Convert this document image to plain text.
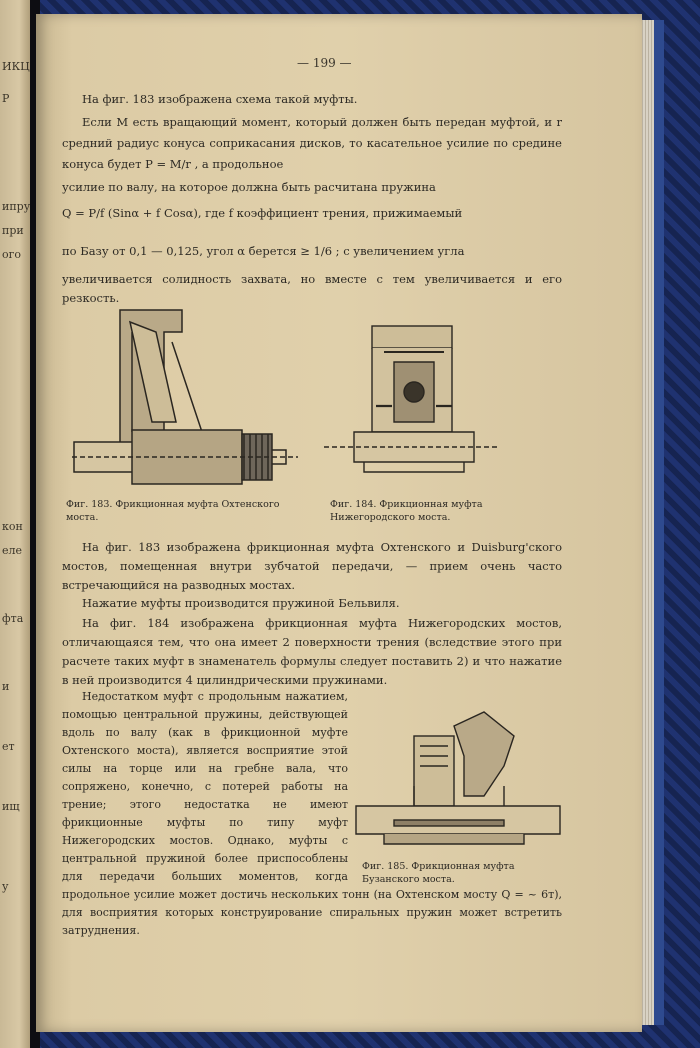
ИКЦ
Р
ипру
при
ого
кон
еле
фта
и
ет
ищ
у
— 199 —
На фиг. 183 изображена схема такой муфты.
Если М есть вращающий момент, который должен быть передан муфтой, и r средний радиус конуса соприкасания дисков, то касательное усилие по средине конуса будет P = M/r , а продольное
усилие по валу, на которое должна быть расчитана пружина
Q = P/f (Sinα + f Cosα), где f коэффициент трения, прижимаемый
по Базу от 0,1 — 0,125, угол α берется ≥ 1/6 ; с увеличением угла
увеличивается солидность захвата, но вместе с тем увеличивается и его резкость.
Фиг. 183. Фрикционная муфта Охтенского моста.
Фиг. 184. Фрикционная муфта Нижегородского моста.
На фиг. 183 изображена фрикционная муфта Охтенского и Duisburg'ского мостов, помещенная внутри зубчатой передачи, — прием очень часто встречающийся на разводных мостах.
Нажатие муфты производится пружиной Бельвиля.
На фиг. 184 изображена фрикционная муфта Нижегородских мостов, отличающаяся тем, что она имеет 2 поверхности трения (вследствие этого при расчете таких муфт в знаменатель формулы следует поставить 2) и что нажатие в ней производится 4 цилиндрическими пружинами.
Недостатком муфт с продольным нажатием, помощью центральной пружины, действующей вдоль по валу (как в фрикционной муфте Охтенского моста), является восприятие этой силы на торце или на гребне вала, что сопряжено, конечно, с потерей работы на трение; этого недостатка не имеют фрикционные муфты по типу муфт Нижегородских мостов. Однако, муфты с центральной пружиной более приспособлены для передачи больших моментов, когда продольное усилие может достичь нескольких тонн (на Охтенском мосту Q = ~ 6т), для восприятия которых конструирование спиральных пружин может встретить затруднения.
Фиг. 185. Фрикционная муфта Бузанского моста.
